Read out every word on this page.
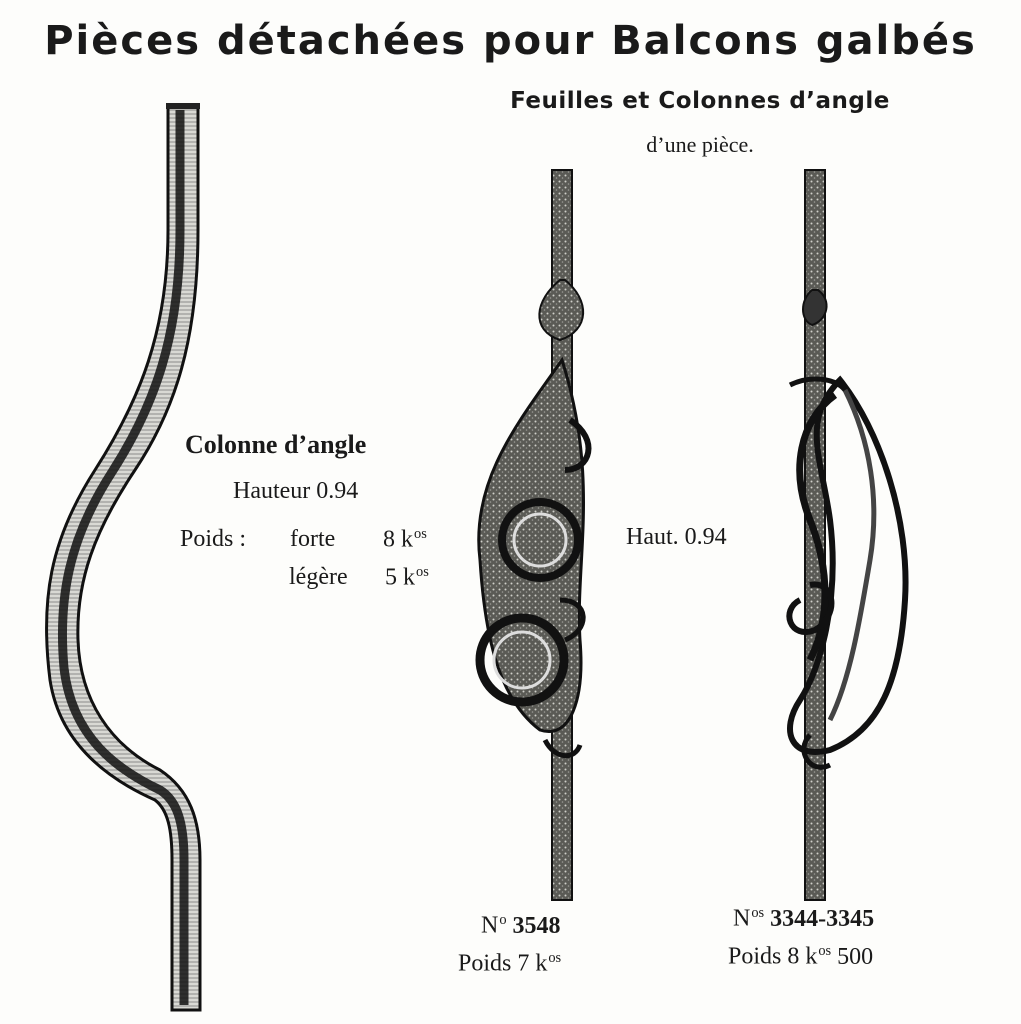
Pièces détachées pour Balcons galbés
Feuilles et Colonnes d’angle
d’une pièce.
Colonne d’angle
Hauteur 0.94
Poids : forte 8 $k^{os}$
légère 5 $k^{os}$
Haut. 0.94
$N^o$ 3548
Poids 7 $k^{os}$
$N^{os}$ 3344-3345
Poids 8 $k^{os}$ 500
